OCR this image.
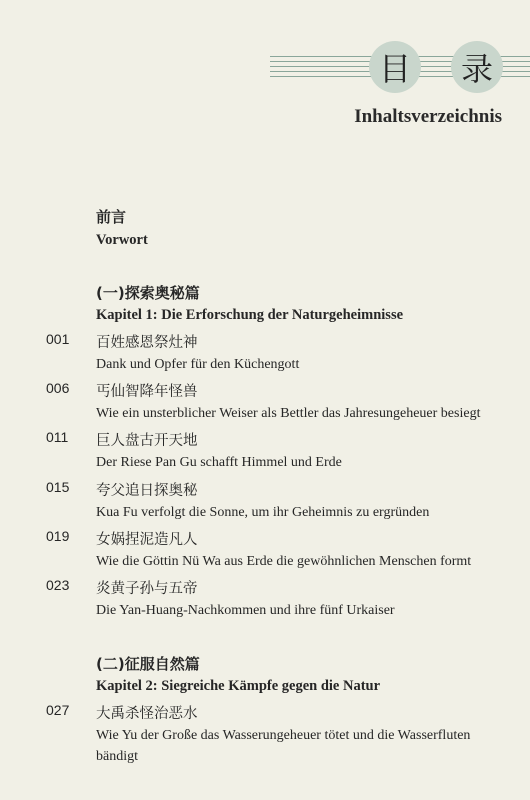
目 录
Inhaltsverzeichnis
前言
Vorwort
(一)探索奥秘篇
Kapitel 1: Die Erforschung der Naturgeheimnisse
001 百姓感恩祭灶神
Dank und Opfer für den Küchengott
006 丐仙智降年怪兽
Wie ein unsterblicher Weiser als Bettler das Jahresungeheuer besiegt
011 巨人盘古开天地
Der Riese Pan Gu schafft Himmel und Erde
015 夸父追日探奥秘
Kua Fu verfolgt die Sonne, um ihr Geheimnis zu ergründen
019 女娲捏泥造凡人
Wie die Göttin Nü Wa aus Erde die gewöhnlichen Menschen formt
023 炎黄子孙与五帝
Die Yan-Huang-Nachkommen und ihre fünf Urkaiser
(二)征服自然篇
Kapitel 2: Siegreiche Kämpfe gegen die Natur
027 大禹杀怪治恶水
Wie Yu der Große das Wasserungeheuer tötet und die Wasserfluten
bändigt
